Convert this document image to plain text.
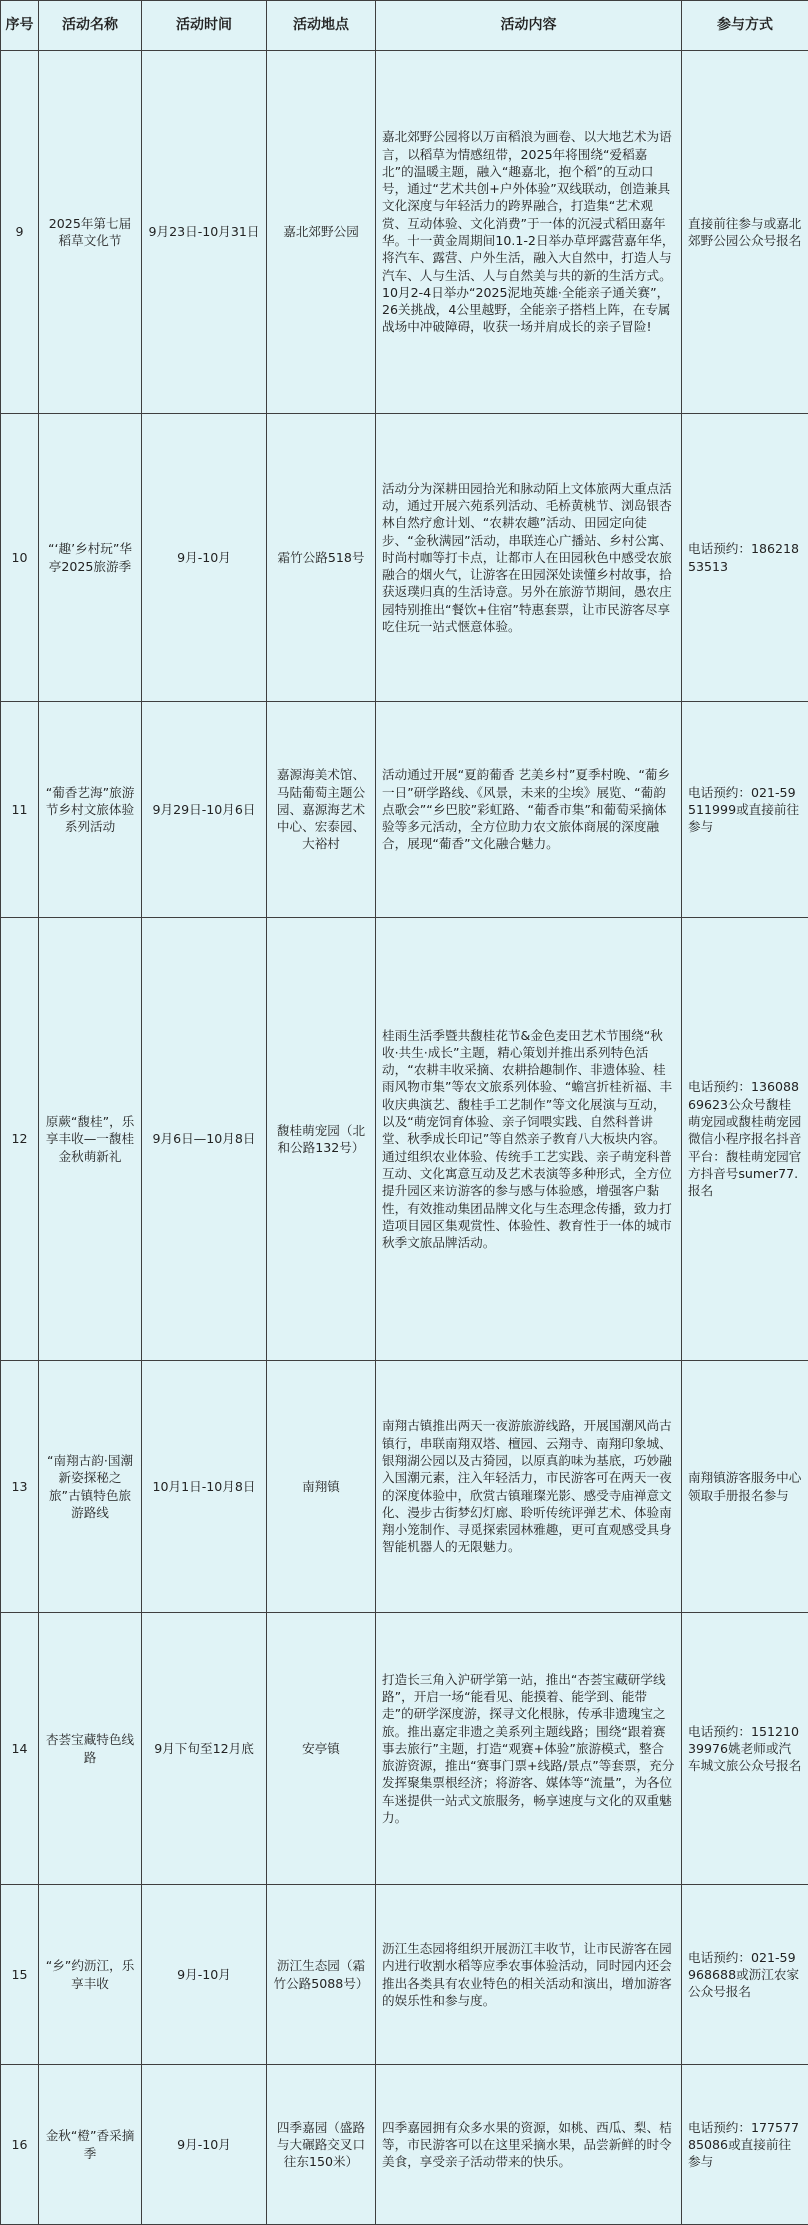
序号	活动名称	活动时间	活动地点	活动内容	参与方式
9	2025年第七届稻草文化节	9月23日-10月31日	嘉北郊野公园	嘉北郊野公园将以万亩稻浪为画卷、以大地艺术为语言，以稻草为情感纽带，2025年将围绕“爱稻嘉北”的温暖主题，融入“趣嘉北，抱个稻”的互动口号，通过“艺术共创+户外体验”双线联动，创造兼具文化深度与年轻活力的跨界融合，打造集“艺术观赏、互动体验、文化消费”于一体的沉浸式稻田嘉年华。十一黄金周期间10.1-2日举办草坪露营嘉年华，将汽车、露营、户外生活，融入大自然中，打造人与汽车、人与生活、人与自然美与共的新的生活方式。10月2-4日举办“2025泥地英雄·全能亲子通关赛”，26关挑战，4公里越野，全能亲子搭档上阵，在专属战场中冲破障碍，收获一场并肩成长的亲子冒险!	直接前往参与或嘉北郊野公园公众号报名
10	“‘趣’乡村玩”华亭2025旅游季	9月-10月	霜竹公路518号	活动分为深耕田园拾光和脉动陌上文体旅两大重点活动，通过开展六苑系列活动、毛桥黄桃节、浏岛银杏林自然疗愈计划、“农耕农趣”活动、田园定向徒步、“金秋满园”活动，串联连心广播站、乡村公寓、时尚村咖等打卡点，让都市人在田园秋色中感受农旅融合的烟火气，让游客在田园深处读懂乡村故事，拾获返璞归真的生活诗意。另外在旅游节期间，愚农庄园特别推出“餐饮+住宿”特惠套票，让市民游客尽享吃住玩一站式惬意体验。	电话预约：18621853513
11	“葡香艺海”旅游节乡村文旅体验系列活动	9月29日-10月6日	嘉源海美术馆、马陆葡萄主题公园、嘉源海艺术中心、宏泰园、大裕村	活动通过开展“夏韵葡香 艺美乡村”夏季村晚、“葡乡一日”研学路线、《风景，未来的尘埃》展览、“葡韵点歌会”“乡巴胶”彩虹路、“葡香市集”和葡萄采摘体验等多元活动，全方位助力农文旅体商展的深度融合，展现“葡香”文化融合魅力。	电话预约：021-59511999或直接前往参与
12	原蕨“馥桂”，乐享丰收—一馥桂金秋萌新礼	9月6日—10月8日	馥桂萌宠园（北和公路132号）	桂雨生活季暨共馥桂花节&金色麦田艺术节围绕“秋收·共生·成长”主题，精心策划并推出系列特色活动，“农耕丰收采摘、农耕拾趣制作、非遗体验、桂雨风物市集”等农文旅系列体验、“蟾宫折桂祈福、丰收庆典演艺、馥桂手工艺制作”等文化展演与互动，以及“萌宠饲育体验、亲子饲喂实践、自然科普讲堂、秋季成长印记”等自然亲子教育八大板块内容。通过组织农业体验、传统手工艺实践、亲子萌宠科普互动、文化寓意互动及艺术表演等多种形式，全方位提升园区来访游客的参与感与体验感，增强客户黏性，有效推动集团品牌文化与生态理念传播，致力打造项目园区集观赏性、体验性、教育性于一体的城市秋季文旅品牌活动。	电话预约：13608869623公众号馥桂萌宠园或馥桂萌宠园微信小程序报名抖音平台：馥桂萌宠园官方抖音号sumer77.报名
13	“南翔古韵·国潮新姿探秘之旅”古镇特色旅游路线	10月1日-10月8日	南翔镇	南翔古镇推出两天一夜游旅游线路，开展国潮风尚古镇行，串联南翔双塔、檀园、云翔寺、南翔印象城、银翔湖公园以及古猗园，以原真韵味为基底，巧妙融入国潮元素，注入年轻活力，市民游客可在两天一夜的深度体验中，欣赏古镇璀璨光影、感受寺庙禅意文化、漫步古街梦幻灯廊、聆听传统评弹艺术、体验南翔小笼制作、寻觅探索园林雅趣，更可直观感受具身智能机器人的无限魅力。	南翔镇游客服务中心领取手册报名参与
14	杏荟宝藏特色线路	9月下旬至12月底	安亭镇	打造长三角入沪研学第一站，推出“杏荟宝藏研学线路”，开启一场“能看见、能摸着、能学到、能带走”的研学深度游，探寻文化根脉，传承非遗瑰宝之旅。推出嘉定非遗之美系列主题线路；围绕“跟着赛事去旅行”主题，打造“观赛+体验”旅游模式，整合旅游资源，推出“赛事门票+线路/景点”等套票，充分发挥聚集票根经济；将游客、媒体等“流量”，为各位车迷提供一站式文旅服务，畅享速度与文化的双重魅力。	电话预约：15121039976姚老师或汽车城文旅公众号报名
15	“乡”约沥江，乐享丰收	9月-10月	沥江生态园（霜竹公路5088号）	沥江生态园将组织开展沥江丰收节，让市民游客在园内进行收割水稻等应季农事体验活动，同时园内还会推出各类具有农业特色的相关活动和演出，增加游客的娱乐性和参与度。	电话预约：021-59968688或沥江农家公众号报名
16	金秋“橙”香采摘季	9月-10月	四季嘉园（盛路与大碾路交叉口往东150米）	四季嘉园拥有众多水果的资源，如桃、西瓜、梨、桔等，市民游客可以在这里采摘水果，品尝新鲜的时令美食，享受亲子活动带来的快乐。	电话预约：17757785086或直接前往参与
